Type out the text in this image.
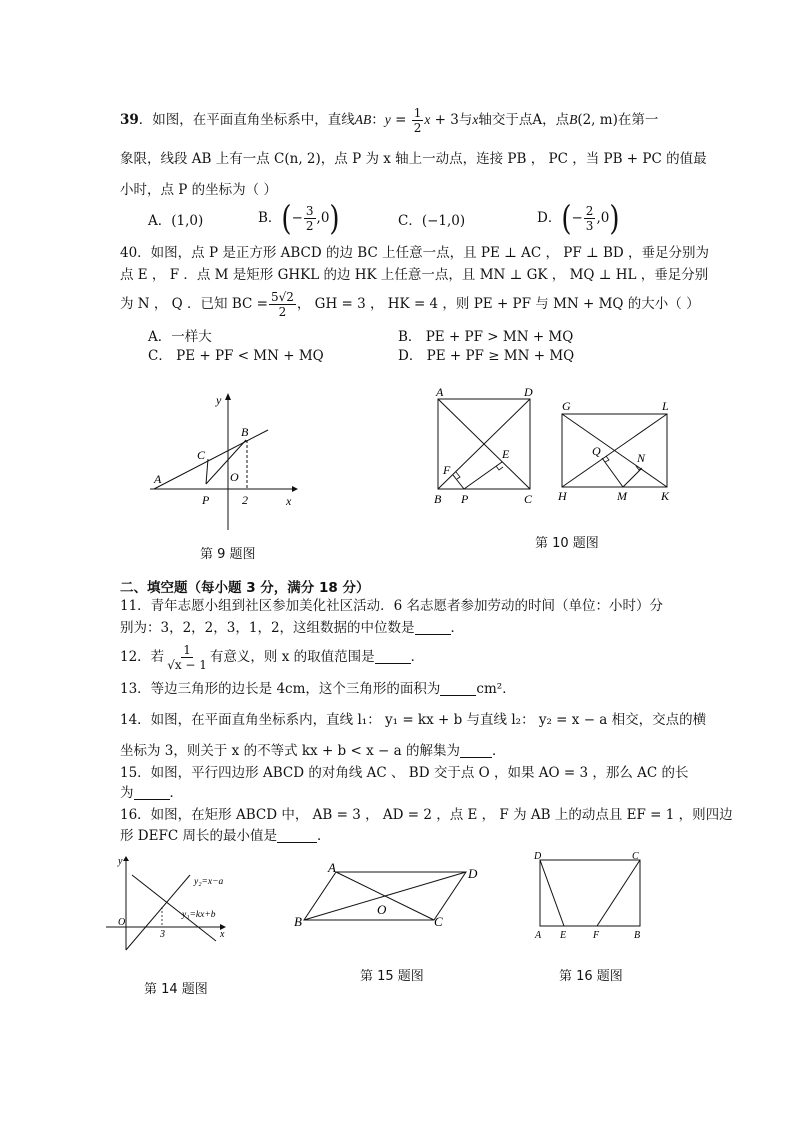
39．如图，在平面直角坐标系中，直线AB：$y = \frac{1}{2}$ x + 3与x轴交于点A，点B(2, m)在第一
象限，线段 AB 上有一点 C(n, 2)，点 P 为 x 轴上一动点，连接 PB ， PC ，当 PB + PC 的值最
小时，点 P 的坐标为（ ）
A．(1,0)	B．(− $\frac{3}{2} ,0$)	C．(−1,0)	D．(− $\frac{2}{3} ,0$)
40．如图，点 P 是正方形 ABCD 的边 BC 上任意一点，且 PE ⊥ AC ， PF ⊥ BD ，垂足分别为
点 E ， F ．点 M 是矩形 GHKL 的边 HK 上任意一点，且 MN ⊥ GK ， MQ ⊥ HL ，垂足分别
为 N ， Q ．已知 BC = $\frac{5√2}{2}$ ， GH = 3 ， HK = 4 ，则 PE + PF 与 MN + MQ 的大小（ ）
A．一样大	B． PE + PF > MN + MQ
C． PE + PF < MN + MQ	D． PE + PF ≥ MN + MQ
y
x
A
B
C
P
O
2
第 9 题图
A	D
B	C
E
F
P
G	L
H	K
M
N
Q
第 10 题图
二、填空题（每小题 3 分，满分 18 分）
11．青年志愿小组到社区参加美化社区活动．6 名志愿者参加劳动的时间（单位：小时）分
别为：3，2，2，3，1，2，这组数据的中位数是	．
12．若 $\frac{1}{√x - 1}$ 有意义，则 x 的取值范围是	．
13．等边三角形的边长是 4cm，这个三角形的面积为	cm²．
14．如图，在平面直角坐标系内，直线 l₁： y₁ = kx + b 与直线 l₂： y₂ = x − a 相交，交点的横
坐标为 3，则关于 x 的不等式 kx + b < x − a 的解集为 ．
15．如图，平行四边形 ABCD 的对角线 AC 、 BD 交于点 O ，如果 AO = 3 ，那么 AC 的长
为	．
16．如图，在矩形 ABCD 中， AB = 3 ， AD = 2 ，点 E ， F 为 AB 上的动点且 EF = 1 ，则四边
形 DEFC 周长的最小值是	．
y
x
O
3
y₂=x−a
y₁=kx+b
第 14 题图
A	D
B	C
O
第 15 题图
D	C
A E	F	B
第 16 题图
